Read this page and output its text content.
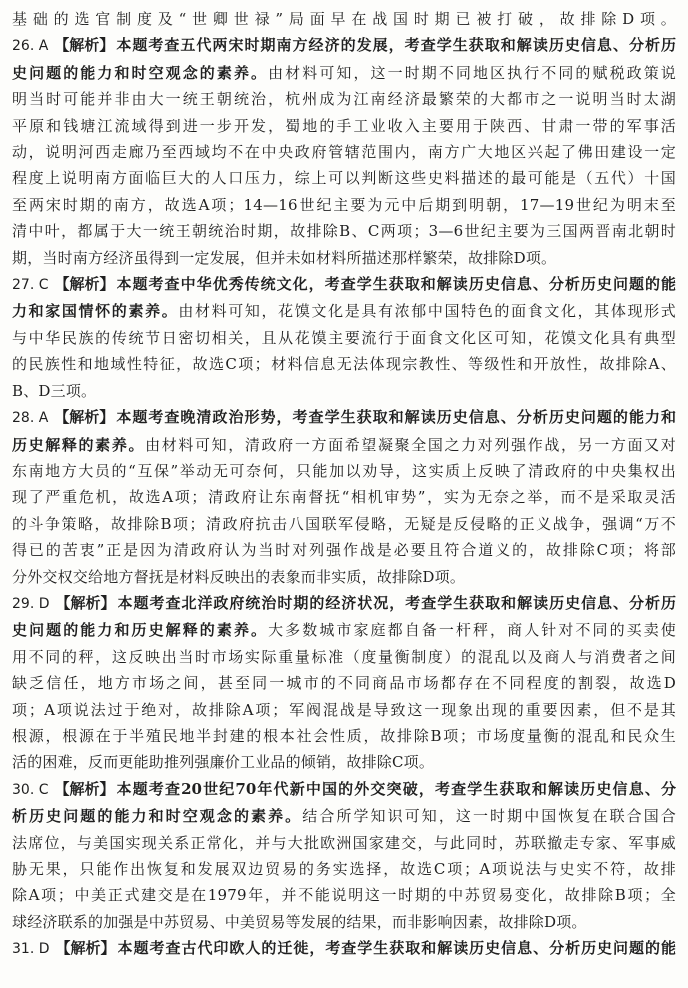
基础的选官制度及“世卿世禄”局面早在战国时期已被打破，故排除D项。
26. A 【解析】 本题考查五代两宋时期南方经济的发展，考查学生获取和解读历史信息、分析历
史问题的能力和时空观念的素养。由材料可知，这一时期不同地区执行不同的赋税政策说
明当时可能并非由大一统王朝统治，杭州成为江南经济最繁荣的大都市之一说明当时太湖
平原和钱塘江流域得到进一步开发，蜀地的手工业收入主要用于陕西、甘肃一带的军事活
动，说明河西走廊乃至西域均不在中央政府管辖范围内，南方广大地区兴起了佛田建设一定
程度上说明南方面临巨大的人口压力，综上可以判断这些史料描述的最可能是（五代）十国
至两宋时期的南方，故选A项；14—16世纪主要为元中后期到明朝，17—19世纪为明末至
清中叶，都属于大一统王朝统治时期，故排除B、C两项；3—6世纪主要为三国两晋南北朝时
期，当时南方经济虽得到一定发展，但并未如材料所描述那样繁荣，故排除D项。
27. C 【解析】 本题考查中华优秀传统文化，考查学生获取和解读历史信息、分析历史问题的能
力和家国情怀的素养。由材料可知，花馍文化是具有浓郁中国特色的面食文化，其体现形式
与中华民族的传统节日密切相关，且从花馍主要流行于面食文化区可知，花馍文化具有典型
的民族性和地域性特征，故选C项；材料信息无法体现宗教性、等级性和开放性，故排除A、
B、D三项。
28. A 【解析】 本题考查晚清政治形势，考查学生获取和解读历史信息、分析历史问题的能力和
历史解释的素养。由材料可知，清政府一方面希望凝聚全国之力对列强作战，另一方面又对
东南地方大员的“互保”举动无可奈何，只能加以劝导，这实质上反映了清政府的中央集权出
现了严重危机，故选A项；清政府让东南督抚“相机审势”，实为无奈之举，而不是采取灵活
的斗争策略，故排除B项；清政府抗击八国联军侵略，无疑是反侵略的正义战争，强调“万不
得已的苦衷”正是因为清政府认为当时对列强作战是必要且符合道义的，故排除C项；将部
分外交权交给地方督抚是材料反映出的表象而非实质，故排除D项。
29. D 【解析】 本题考查北洋政府统治时期的经济状况，考查学生获取和解读历史信息、分析历
史问题的能力和历史解释的素养。大多数城市家庭都自备一杆秤，商人针对不同的买卖使
用不同的秤，这反映出当时市场实际重量标准（度量衡制度）的混乱以及商人与消费者之间
缺乏信任，地方市场之间，甚至同一城市的不同商品市场都存在不同程度的割裂，故选D
项；A项说法过于绝对，故排除A项；军阀混战是导致这一现象出现的重要因素，但不是其
根源，根源在于半殖民地半封建的根本社会性质，故排除B项；市场度量衡的混乱和民众生
活的困难，反而更能助推列强廉价工业品的倾销，故排除C项。
30. C 【解析】 本题考查20世纪70年代新中国的外交突破，考查学生获取和解读历史信息、分
析历史问题的能力和时空观念的素养。结合所学知识可知，这一时期中国恢复在联合国合
法席位，与美国实现关系正常化，并与大批欧洲国家建交，与此同时，苏联撤走专家、军事威
胁无果，只能作出恢复和发展双边贸易的务实选择，故选C项；A项说法与史实不符，故排
除A项；中美正式建交是在1979年，并不能说明这一时期的中苏贸易变化，故排除B项；全
球经济联系的加强是中苏贸易、中美贸易等发展的结果，而非影响因素，故排除D项。
31. D 【解析】 本题考查古代印欧人的迁徙，考查学生获取和解读历史信息、分析历史问题的能
